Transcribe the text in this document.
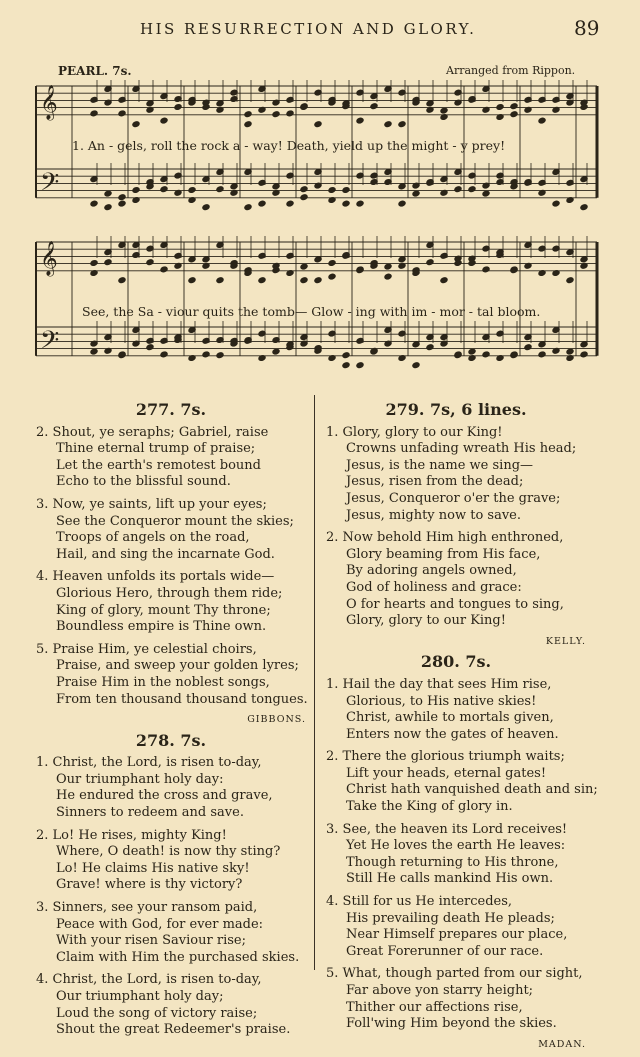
HIS RESURRECTION AND GLORY.	89
PEARL. 7s.	Arranged from Rippon.
𝄞
𝄢
𝄞
𝄢
1. An - gels, roll the rock a - way! Death, yield up the might - y prey!
See, the Sa - viour quits the tomb— Glow - ing with im - mor - tal bloom.
277. 7s.
2. Shout, ye seraphs; Gabriel, raise
Thine eternal trump of praise;
Let the earth's remotest bound
Echo to the blissful sound.
3. Now, ye saints, lift up your eyes;
See the Conqueror mount the skies;
Troops of angels on the road,
Hail, and sing the incarnate God.
4. Heaven unfolds its portals wide—
Glorious Hero, through them ride;
King of glory, mount Thy throne;
Boundless empire is Thine own.
5. Praise Him, ye celestial choirs,
Praise, and sweep your golden lyres;
Praise Him in the noblest songs,
From ten thousand thousand tongues.
GIBBONS.
278. 7s.
1. Christ, the Lord, is risen to-day,
Our triumphant holy day:
He endured the cross and grave,
Sinners to redeem and save.
2. Lo! He rises, mighty King!
Where, O death! is now thy sting?
Lo! He claims His native sky!
Grave! where is thy victory?
3. Sinners, see your ransom paid,
Peace with God, for ever made:
With your risen Saviour rise;
Claim with Him the purchased skies.
4. Christ, the Lord, is risen to-day,
Our triumphant holy day;
Loud the song of victory raise;
Shout the great Redeemer's praise.
279. 7s, 6 lines.
1. Glory, glory to our King!
Crowns unfading wreath His head;
Jesus, is the name we sing—
Jesus, risen from the dead;
Jesus, Conqueror o'er the grave;
Jesus, mighty now to save.
2. Now behold Him high enthroned,
Glory beaming from His face,
By adoring angels owned,
God of holiness and grace:
O for hearts and tongues to sing,
Glory, glory to our King!
KELLY.
280. 7s.
1. Hail the day that sees Him rise,
Glorious, to His native skies!
Christ, awhile to mortals given,
Enters now the gates of heaven.
2. There the glorious triumph waits;
Lift your heads, eternal gates!
Christ hath vanquished death and sin;
Take the King of glory in.
3. See, the heaven its Lord receives!
Yet He loves the earth He leaves:
Though returning to His throne,
Still He calls mankind His own.
4. Still for us He intercedes,
His prevailing death He pleads;
Near Himself prepares our place,
Great Forerunner of our race.
5. What, though parted from our sight,
Far above yon starry height;
Thither our affections rise,
Foll'wing Him beyond the skies.
MADAN.
